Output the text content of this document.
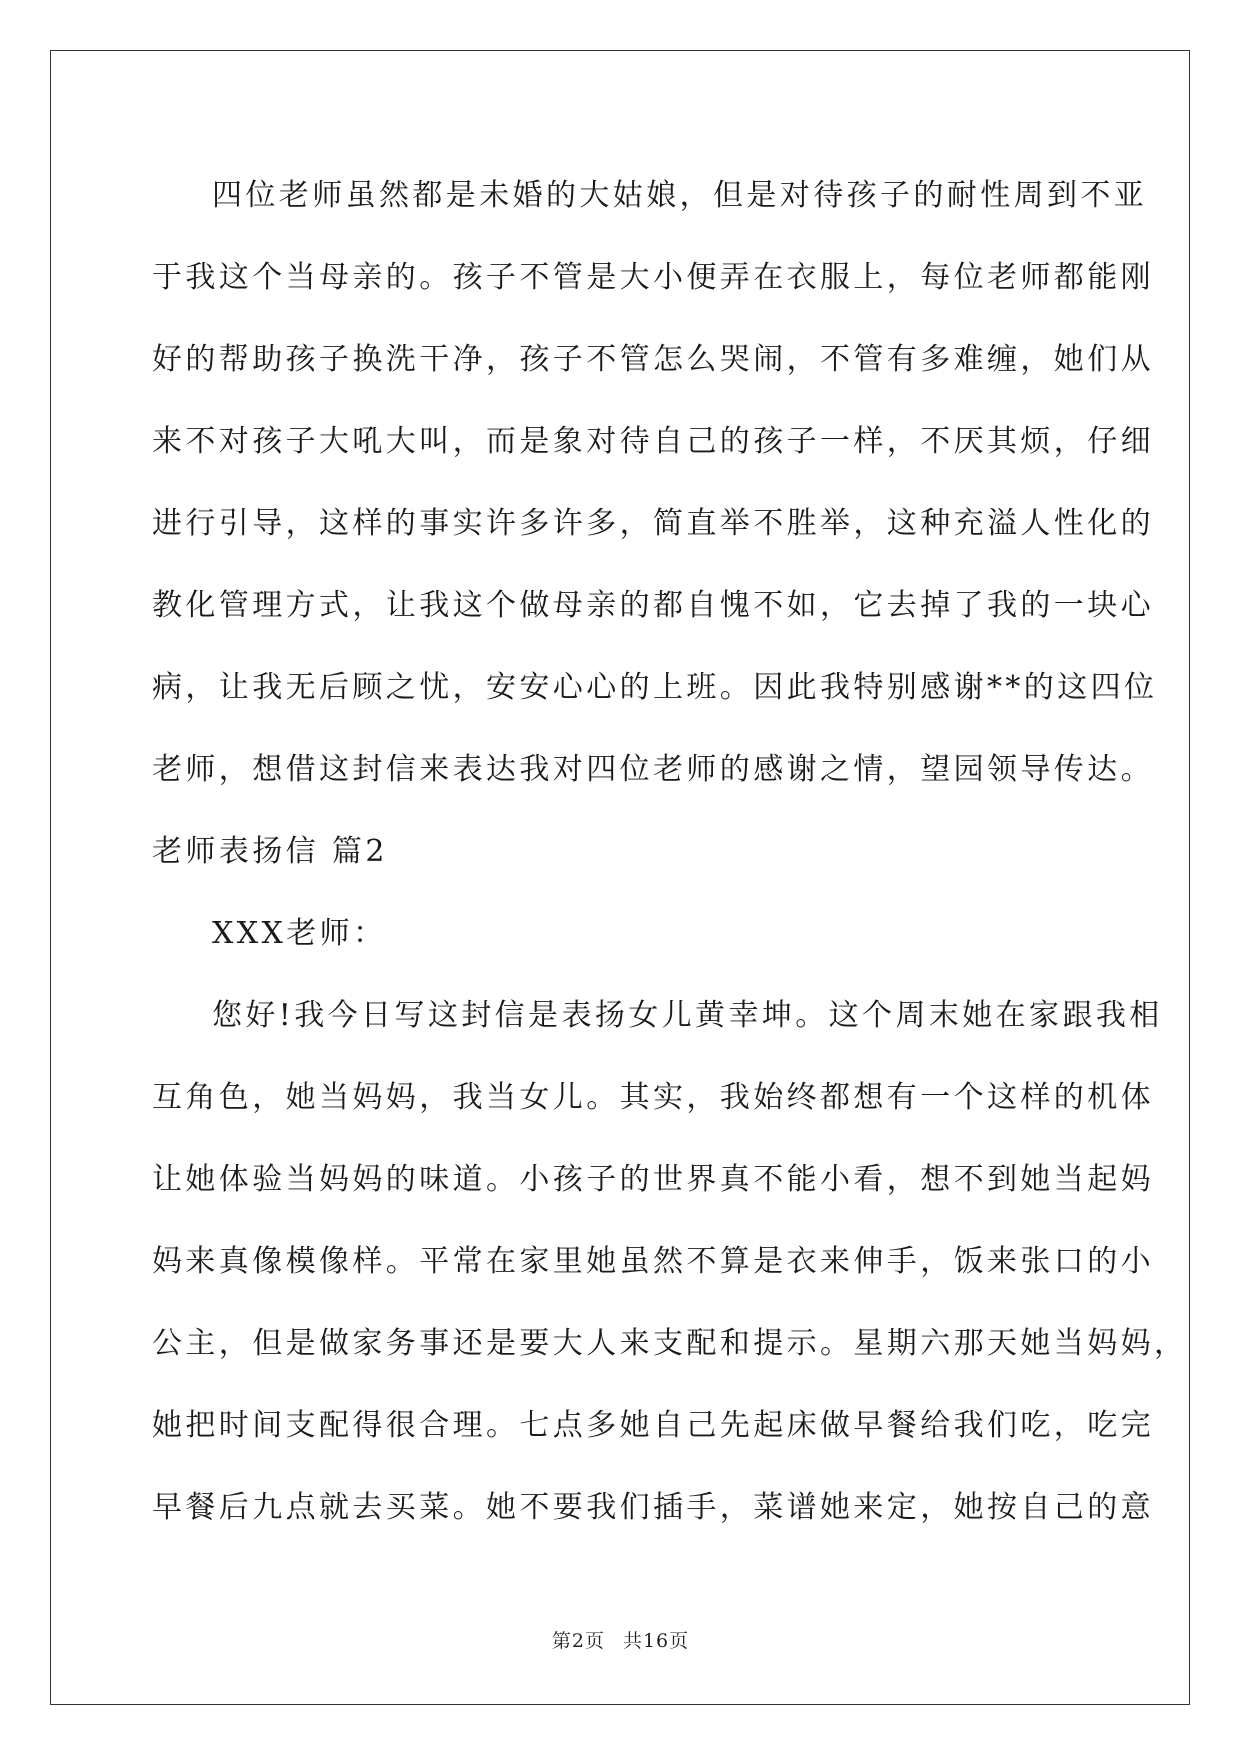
四位老师虽然都是未婚的大姑娘，但是对待孩子的耐性周到不亚
于我这个当母亲的。孩子不管是大小便弄在衣服上，每位老师都能刚
好的帮助孩子换洗干净，孩子不管怎么哭闹，不管有多难缠，她们从
来不对孩子大吼大叫，而是象对待自己的孩子一样，不厌其烦，仔细
进行引导，这样的事实许多许多，简直举不胜举，这种充溢人性化的
教化管理方式，让我这个做母亲的都自愧不如，它去掉了我的一块心
病，让我无后顾之忧，安安心心的上班。因此我特别感谢**的这四位
老师，想借这封信来表达我对四位老师的感谢之情，望园领导传达。
老师表扬信 篇2
XXX老师：
您好!我今日写这封信是表扬女儿黄幸坤。这个周末她在家跟我相
互角色，她当妈妈，我当女儿。其实，我始终都想有一个这样的机体
让她体验当妈妈的味道。小孩子的世界真不能小看，想不到她当起妈
妈来真像模像样。平常在家里她虽然不算是衣来伸手，饭来张口的小
公主，但是做家务事还是要大人来支配和提示。星期六那天她当妈妈，
她把时间支配得很合理。七点多她自己先起床做早餐给我们吃，吃完
早餐后九点就去买菜。她不要我们插手，菜谱她来定，她按自己的意
第2页 共16页
